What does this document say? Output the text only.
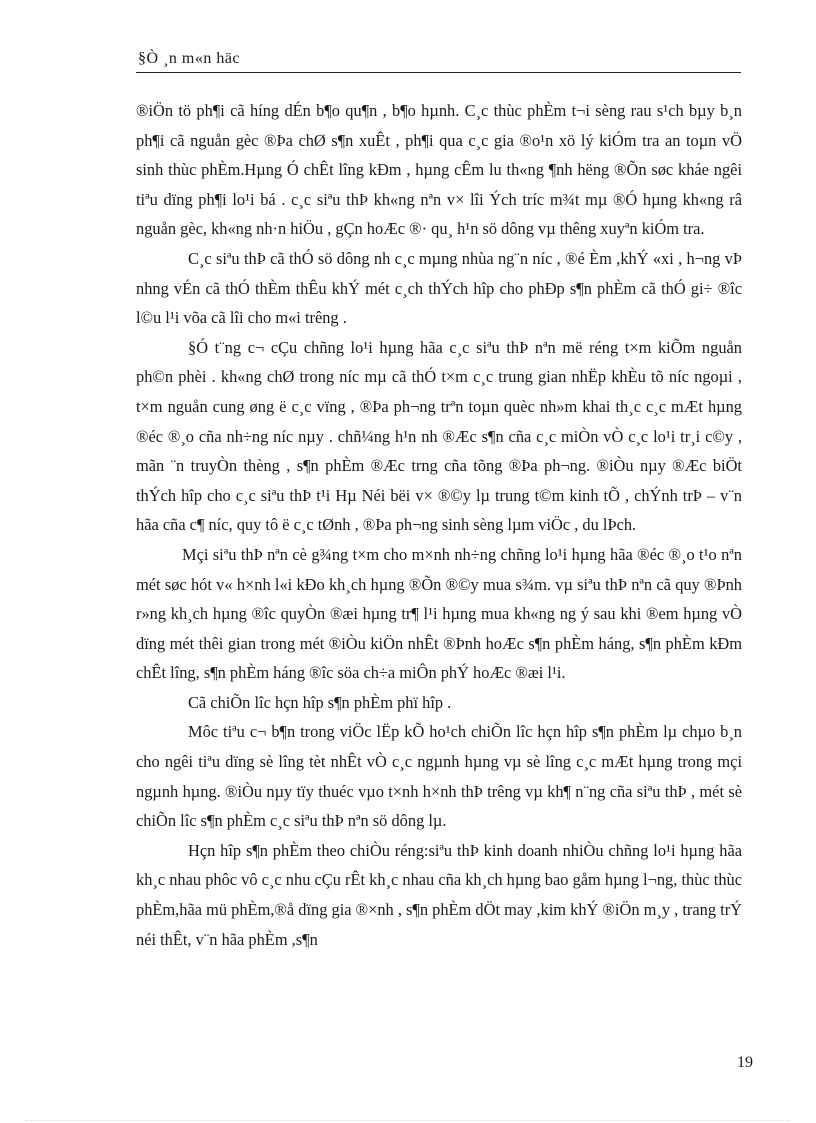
§Ò ¸n m«n häc

®iÖn tö ph¶i cã híng dÉn b¶o qu¶n , b¶o hµnh. C¸c thùc phÈm t¬i sèng rau s¹ch bµy b¸n ph¶i cã nguån gèc ®Þa chØ s¶n xuÊt , ph¶i qua c¸c gia ®o¹n xö lý kiÓm tra an toµn vÖ sinh thùc phÈm.Hµng Ó chÊt lîng kÐm , hµng cÊm lu th«ng ¶nh hëng ®Õn søc kháe ngêi tiªu dïng ph¶i lo¹i bá . c¸c siªu thÞ kh«ng nªn v× lîi Ých tríc m¾t mµ ®Ó hµng kh«ng râ nguån gèc, kh«ng nh·n hiÖu , gÇn hoÆc ®· qu¸ h¹n sö dông vµ thêng xuyªn kiÓm tra.

C¸c siªu thÞ cã thÓ sö dông nh c¸c mµng nhùa ng¨n níc , ®é Èm ,khÝ «xi , h¬ng vÞ nhng vÉn cã thÓ thÈm thÊu khÝ mét c¸ch thÝch hîp cho phÐp s¶n phÈm cã thÓ gi÷ ®îc l©u l¹i võa cã lîi cho m«i trêng .

§Ó t¨ng c¬ cÇu chñng lo¹i hµng hãa c¸c siªu thÞ nªn më réng t×m kiÕm nguån ph©n phèi . kh«ng chØ trong níc mµ cã thÓ t×m c¸c trung gian nhËp khÈu tõ níc ngoµi , t×m nguån cung øng ë c¸c vïng , ®Þa ph¬ng trªn toµn quèc nh»m khai th¸c c¸c mÆt hµng ®éc ®¸o cña nh÷ng níc nµy . chñ¼ng h¹n nh ®Æc s¶n cña c¸c miÒn vÒ c¸c lo¹i tr¸i c©y , mãn ¨n truyÒn thèng , s¶n phÈm ®Æc trng cña tõng ®Þa ph¬ng. ®iÒu nµy ®Æc biÖt thÝch hîp cho c¸c siªu thÞ t¹i Hµ Néi bëi v× ®©y lµ trung t©m kinh tÕ , chÝnh trÞ – v¨n hãa cña c¶ níc, quy tô ë c¸c tØnh , ®Þa ph¬ng sinh sèng lµm viÖc , du lÞch.

Mçi siªu thÞ nªn cè g¾ng t×m cho m×nh nh÷ng chñng lo¹i hµng hãa ®éc ®¸o t¹o nªn mét søc hót v« h×nh l«i kÐo kh¸ch hµng ®Õn ®©y mua s¾m. vµ siªu thÞ nªn cã quy ®Þnh r»ng kh¸ch hµng ®îc quyÒn ®æi hµng tr¶ l¹i hµng mua kh«ng ng ý sau khi ®em hµng vÒ dïng mét thêi gian trong mét ®iÒu kiÖn nhÊt ®Þnh hoÆc s¶n phÈm háng, s¶n phÈm kÐm chÊt lîng, s¶n phÈm háng ®îc söa ch÷a miÔn phÝ hoÆc ®æi l¹i.

Cã chiÕn lîc hçn hîp s¶n phÈm phï hîp .

Môc tiªu c¬ b¶n trong viÖc lËp kÕ ho¹ch chiÕn lîc hçn hîp s¶n phÈm lµ chµo b¸n cho ngêi tiªu dïng sè lîng tèt nhÊt vÒ c¸c ngµnh hµng vµ sè lîng c¸c mÆt hµng trong mçi ngµnh hµng. ®iÒu nµy tïy thuéc vµo t×nh h×nh thÞ trêng vµ kh¶ n¨ng cña siªu thÞ , mét sè chiÕn lîc s¶n phÈm c¸c siªu thÞ nªn sö dông lµ.

Hçn hîp s¶n phÈm theo chiÒu réng:siªu thÞ kinh doanh nhiÒu chñng lo¹i hµng hãa kh¸c nhau phôc vô c¸c nhu cÇu rÊt kh¸c nhau cña kh¸ch hµng bao gåm hµng l¬ng, thùc thùc phÈm,hãa mü phÈm,®å dïng gia ®×nh , s¶n phÈm dÖt may ,kim khÝ ®iÖn m¸y , trang trÝ néi thÊt, v¨n hãa phÈm ,s¶n

19
